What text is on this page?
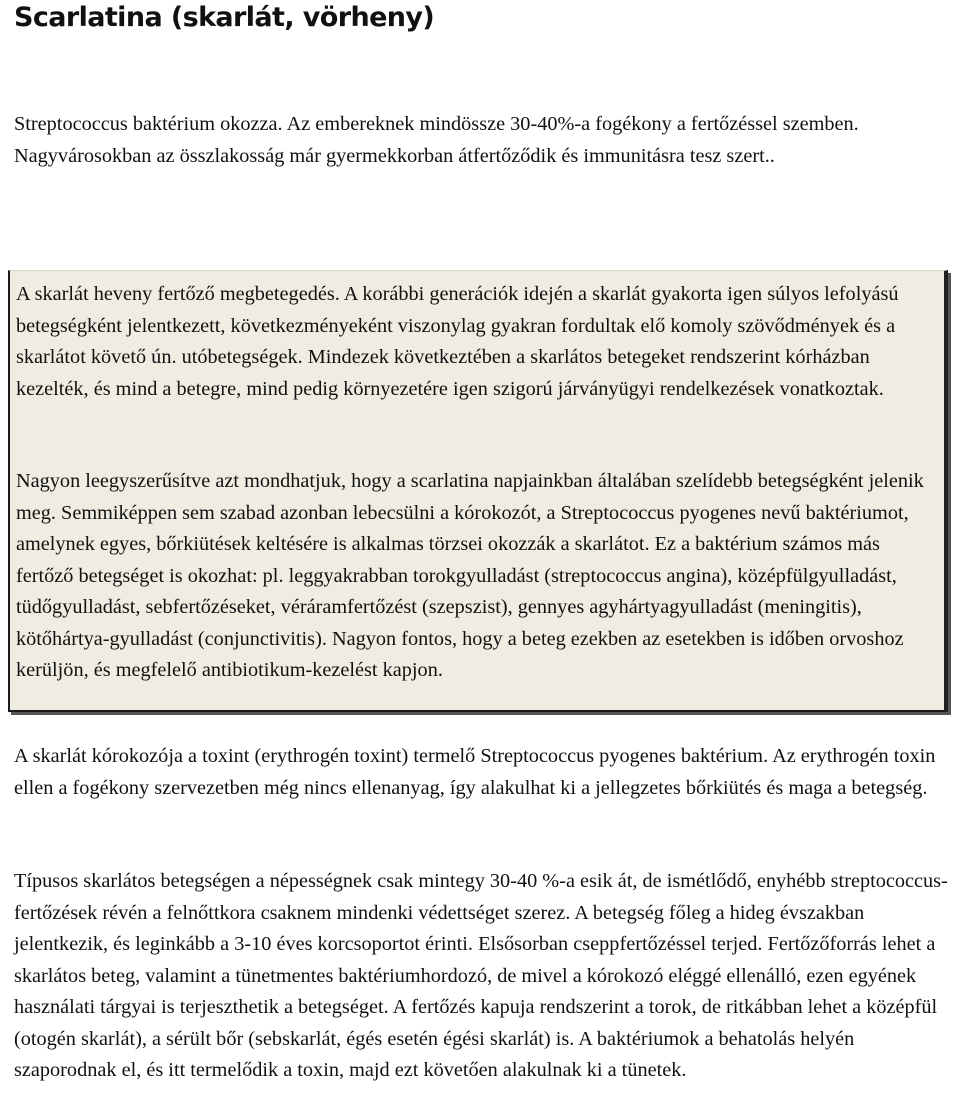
Scarlatina (skarlát, vörheny)

Streptococcus baktérium okozza. Az embereknek mindössze 30-40%-a fogékony a fertőzéssel szemben. Nagyvárosokban az összlakosság már gyermekkorban átfertőződik és immunitásra tesz szert..

A skarlát heveny fertőző megbetegedés. A korábbi generációk idején a skarlát gyakorta igen súlyos lefolyású betegségként jelentkezett, következményeként viszonylag gyakran fordultak elő komoly szövődmények és a skarlátot követő ún. utóbetegségek. Mindezek következtében a skarlátos betegeket rendszerint kórházban kezelték, és mind a betegre, mind pedig környezetére igen szigorú járványügyi rendelkezések vonatkoztak.

Nagyon leegyszerűsítve azt mondhatjuk, hogy a scarlatina napjainkban általában szelídebb betegségként jelenik meg. Semmiképpen sem szabad azonban lebecsülni a kórokozót, a Streptococcus pyogenes nevű baktériumot, amelynek egyes, bőrkiütések keltésére is alkalmas törzsei okozzák a skarlátot. Ez a baktérium számos más fertőző betegséget is okozhat: pl. leggyakrabban torokgyulladást (streptococcus angina), középfülgyulladást, tüdőgyulladást, sebfertőzéseket, véráramfertőzést (szepszist), gennyes agyhártyagyulladást (meningitis), kötőhártya-gyulladást (conjunctivitis). Nagyon fontos, hogy a beteg ezekben az esetekben is időben orvoshoz kerüljön, és megfelelő antibiotikum-kezelést kapjon.

A skarlát kórokozója a toxint (erythrogén toxint) termelő Streptococcus pyogenes baktérium. Az erythrogén toxin ellen a fogékony szervezetben még nincs ellenanyag, így alakulhat ki a jellegzetes bőrkiütés és maga a betegség.

Típusos skarlátos betegségen a népességnek csak mintegy 30-40 %-a esik át, de ismétlődő, enyhébb streptococcus- fertőzések révén a felnőttkora csaknem mindenki védettséget szerez. A betegség főleg a hideg évszakban jelentkezik, és leginkább a 3-10 éves korcsoportot érinti. Elsősorban cseppfertőzéssel terjed. Fertőzőforrás lehet a skarlátos beteg, valamint a tünetmentes baktériumhordozó, de mivel a kórokozó eléggé ellenálló, ezen egyének használati tárgyai is terjeszthetik a betegséget. A fertőzés kapuja rendszerint a torok, de ritkábban lehet a középfül (otogén skarlát), a sérült bőr (sebskarlát, égés esetén égési skarlát) is. A baktériumok a behatolás helyén szaporodnak el, és itt termelődik a toxin, majd ezt követően alakulnak ki a tünetek.
